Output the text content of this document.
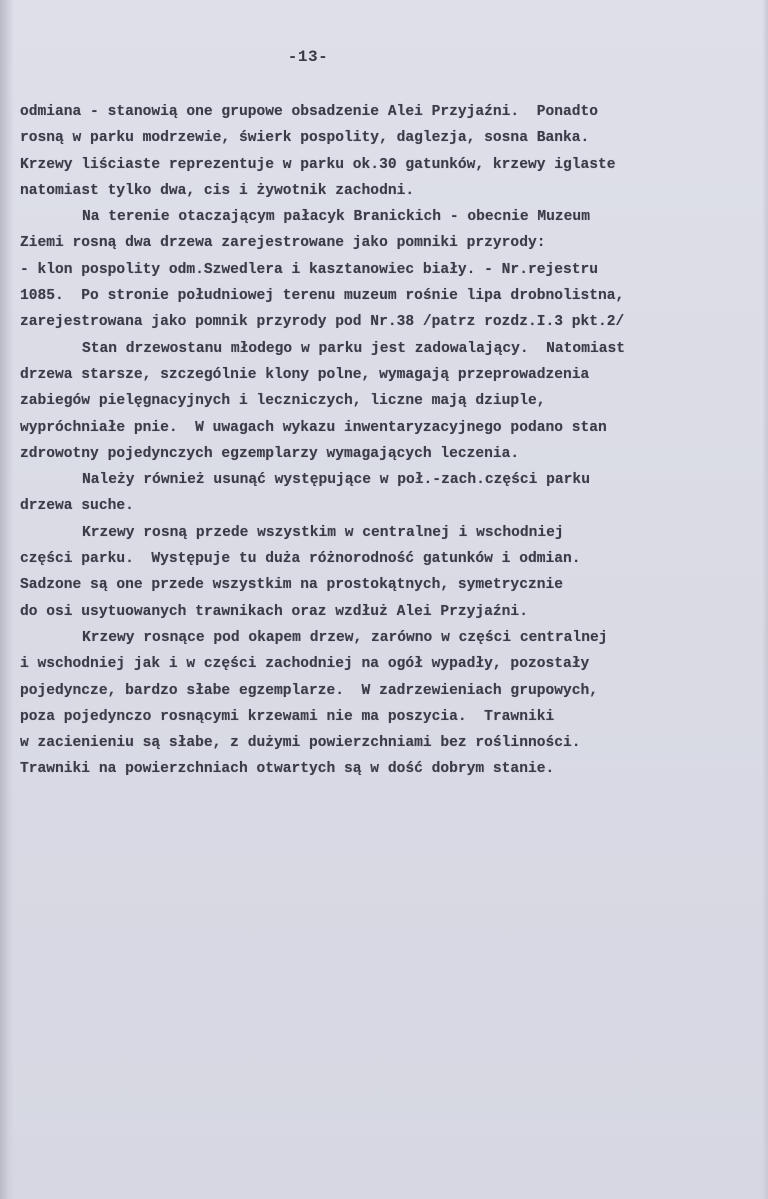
-13-
odmiana - stanowią one grupowe obsadzenie Alei Przyjaźni.  Ponadto
rosną w parku modrzewie, świerk pospolity, daglezja, sosna Banka.
Krzewy liściaste reprezentuje w parku ok.30 gatunków, krzewy iglaste
natomiast tylko dwa, cis i żywotnik zachodni.
Na terenie otaczającym pałacyk Branickich - obecnie Muzeum
Ziemi rosną dwa drzewa zarejestrowane jako pomniki przyrody:
- klon pospolity odm.Szwedlera i kasztanowiec biały. - Nr.rejestru
1085.  Po stronie południowej terenu muzeum rośnie lipa drobnolistna,
zarejestrowana jako pomnik przyrody pod Nr.38 /patrz rozdz.I.3 pkt.2/
Stan drzewostanu młodego w parku jest zadowalający.  Natomiast
drzewa starsze, szczególnie klony polne, wymagają przeprowadzenia
zabiegów pielęgnacyjnych i leczniczych, liczne mają dziuple,
wypróchniałe pnie.  W uwagach wykazu inwentaryzacyjnego podano stan
zdrowotny pojedynczych egzemplarzy wymagających leczenia.
Należy również usunąć występujące w poł.-zach.części parku
drzewa suche.
Krzewy rosną przede wszystkim w centralnej i wschodniej
części parku.  Występuje tu duża różnorodność gatunków i odmian.
Sadzone są one przede wszystkim na prostokątnych, symetrycznie
do osi usytuowanych trawnikach oraz wzdłuż Alei Przyjaźni.
Krzewy rosnące pod okapem drzew, zarówno w części centralnej
i wschodniej jak i w części zachodniej na ogół wypadły, pozostały
pojedyncze, bardzo słabe egzemplarze.  W zadrzewieniach grupowych,
poza pojedynczo rosnącymi krzewami nie ma poszycia.  Trawniki
w zacienieniu są słabe, z dużymi powierzchniami bez roślinności.
Trawniki na powierzchniach otwartych są w dość dobrym stanie.
